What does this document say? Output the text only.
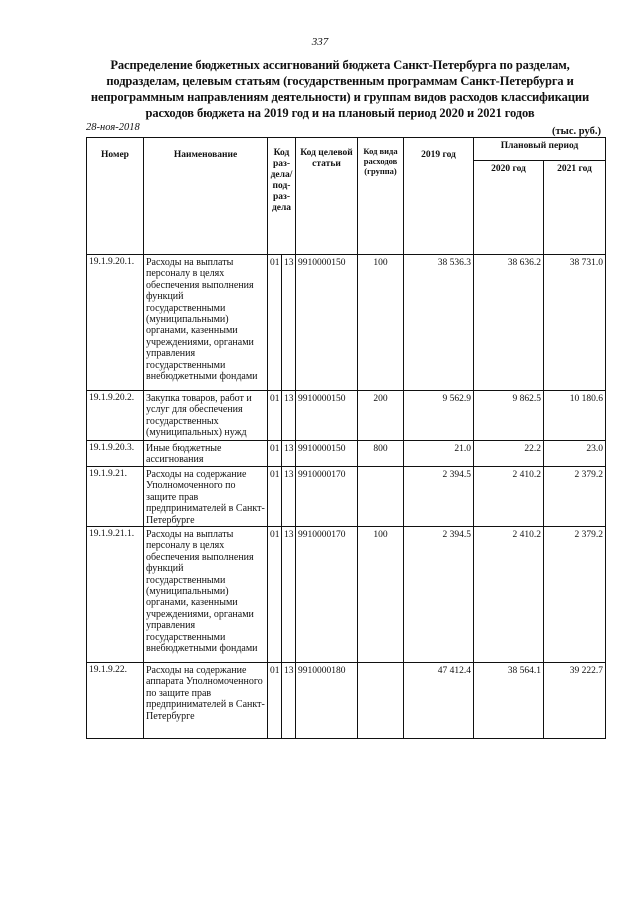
337
Распределение бюджетных ассигнований бюджета Санкт-Петербурга по разделам, подразделам, целевым статьям (государственным программам Санкт-Петербурга и непрограммным направлениям деятельности) и группам видов расходов классификации расходов бюджета на 2019 год и на плановый период 2020 и 2021 годов
28-ноя-2018	(тыс. руб.)
Номер	Наименование	Код раз-дела/ под-раз-дела		Код целевой статьи	Код вида расходов (группа)	2019 год	Плановый период	
							2020 год	2021 год
19.1.9.20.1.	Расходы на выплаты персоналу в целях обеспечения выполнения функций государственными (муниципальными) органами, казенными учреждениями, органами управления государственными внебюджетными фондами	01	13	9910000150	100	38 536.3	38 636.2	38 731.0
19.1.9.20.2.	Закупка товаров, работ и услуг для обеспечения государственных (муниципальных) нужд	01	13	9910000150	200	9 562.9	9 862.5	10 180.6
19.1.9.20.3.	Иные бюджетные ассигнования	01	13	9910000150	800	21.0	22.2	23.0
19.1.9.21.	Расходы на содержание Уполномоченного по защите прав предпринимателей в Санкт-Петербурге	01	13	9910000170		2 394.5	2 410.2	2 379.2
19.1.9.21.1.	Расходы на выплаты персоналу в целях обеспечения выполнения функций государственными (муниципальными) органами, казенными учреждениями, органами управления государственными внебюджетными фондами	01	13	9910000170	100	2 394.5	2 410.2	2 379.2
19.1.9.22.	Расходы на содержание аппарата Уполномоченного по защите прав предпринимателей в Санкт-Петербурге	01	13	9910000180		47 412.4	38 564.1	39 222.7
